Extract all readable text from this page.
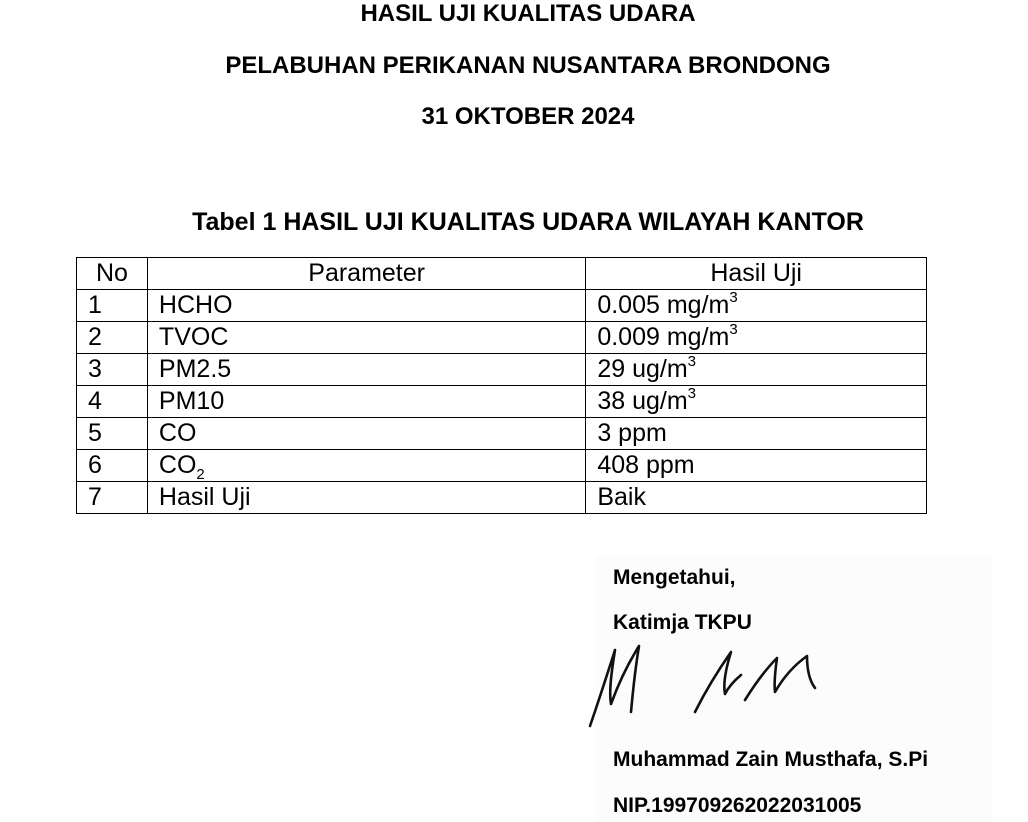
HASIL UJI KUALITAS UDARA
PELABUHAN PERIKANAN NUSANTARA BRONDONG
31 OKTOBER 2024
Tabel 1 HASIL UJI KUALITAS UDARA WILAYAH KANTOR
No	Parameter	Hasil Uji
1	HCHO	0.005 $mg/m^3$
2	TVOC	0.009 $mg/m^3$
3	PM2.5	29 $ug/m^3$
4	PM10	38 $ug/m^3$
5	CO	3 ppm
6	$CO_2$	408 ppm
7	Hasil Uji	Baik
Mengetahui,
Katimja TKPU
Muhammad Zain Musthafa, S.Pi
NIP.199709262022031005
